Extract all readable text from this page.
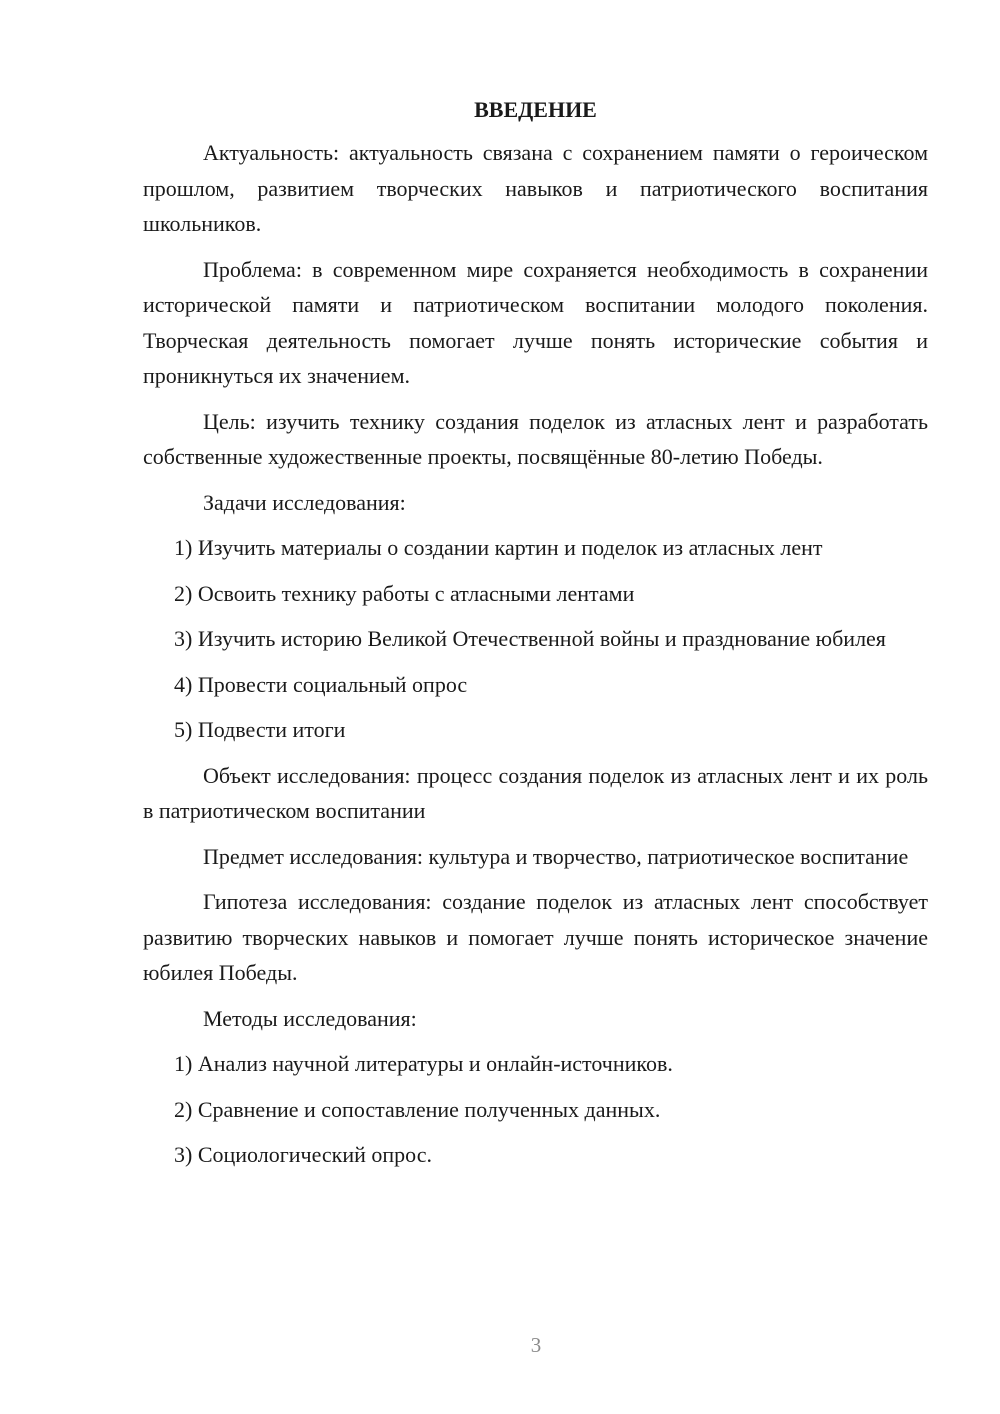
ВВЕДЕНИЕ

Актуальность: актуальность связана с сохранением памяти о героическом прошлом, развитием творческих навыков и патриотического воспитания школьников.

Проблема: в современном мире сохраняется необходимость в сохранении исторической памяти и патриотическом воспитании молодого поколения. Творческая деятельность помогает лучше понять исторические события и проникнуться их значением.

Цель: изучить технику создания поделок из атласных лент и разработать собственные художественные проекты, посвящённые 80-летию Победы.

Задачи исследования:

1) Изучить материалы о создании картин и поделок из атласных лент

2) Освоить технику работы с атласными лентами

3) Изучить историю Великой Отечественной войны и празднование юбилея

4) Провести социальный опрос

5) Подвести итоги

Объект исследования: процесс создания поделок из атласных лент и их роль в патриотическом воспитании

Предмет исследования: культура и творчество, патриотическое воспитание

Гипотеза исследования: создание поделок из атласных лент способствует развитию творческих навыков и помогает лучше понять историческое значение юбилея Победы.

Методы исследования:

1) Анализ научной литературы и онлайн-источников.

2) Сравнение и сопоставление полученных данных.

3) Социологический опрос.

3
